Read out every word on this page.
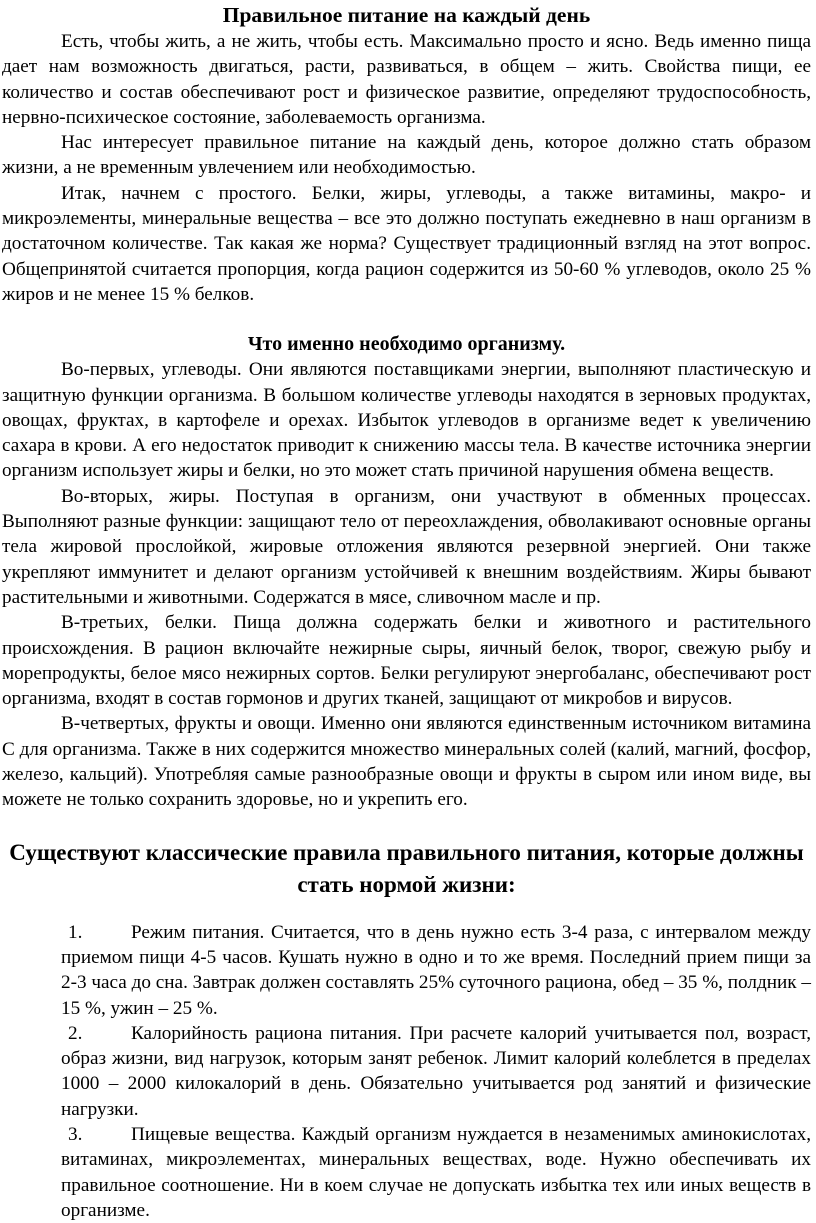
Правильное питание на каждый день

Есть, чтобы жить, а не жить, чтобы есть. Максимально просто и ясно. Ведь именно пища дает нам возможность двигаться, расти, развиваться, в общем – жить. Свойства пищи, ее количество и состав обеспечивают рост и физическое развитие, определяют трудоспособность, нервно-психическое состояние, заболеваемость организма.

Нас интересует правильное питание на каждый день, которое должно стать образом жизни, а не временным увлечением или необходимостью.

Итак, начнем с простого. Белки, жиры, углеводы, а также витамины, макро- и микроэлементы, минеральные вещества – все это должно поступать ежедневно в наш организм в достаточном количестве. Так какая же норма? Существует традиционный взгляд на этот вопрос. Общепринятой считается пропорция, когда рацион содержится из 50-60 % углеводов, около 25 % жиров и не менее 15 % белков.

Что именно необходимо организму.

Во-первых, углеводы. Они являются поставщиками энергии, выполняют пластическую и защитную функции организма. В большом количестве углеводы находятся в зерновых продуктах, овощах, фруктах, в картофеле и орехах. Избыток углеводов в организме ведет к увеличению сахара в крови. А его недостаток приводит к снижению массы тела. В качестве источника энергии организм использует жиры и белки, но это может стать причиной нарушения обмена веществ.

Во-вторых, жиры. Поступая в организм, они участвуют в обменных процессах. Выполняют разные функции: защищают тело от переохлаждения, обволакивают основные органы тела жировой прослойкой, жировые отложения являются резервной энергией. Они также укрепляют иммунитет и делают организм устойчивей к внешним воздействиям. Жиры бывают растительными и животными. Содержатся в мясе, сливочном масле и пр.

В-третьих, белки. Пища должна содержать белки и животного и растительного происхождения. В рацион включайте нежирные сыры, яичный белок, творог, свежую рыбу и морепродукты, белое мясо нежирных сортов. Белки регулируют энергобаланс, обеспечивают рост организма, входят в состав гормонов и других тканей, защищают от микробов и вирусов.

В-четвертых, фрукты и овощи. Именно они являются единственным источником витамина С для организма. Также в них содержится множество минеральных солей (калий, магний, фосфор, железо, кальций). Употребляя самые разнообразные овощи и фрукты в сыром или ином виде, вы можете не только сохранить здоровье, но и укрепить его.

Существуют классические правила правильного питания, которые должны стать нормой жизни:
1.	Режим питания. Считается, что в день нужно есть 3-4 раза, с интервалом между приемом пищи 4-5 часов. Кушать нужно в одно и то же время. Последний прием пищи за 2-3 часа до сна. Завтрак должен составлять 25% суточного рациона, обед – 35 %, полдник – 15 %, ужин – 25 %.
2.	Калорийность рациона питания. При расчете калорий учитывается пол, возраст, образ жизни, вид нагрузок, которым занят ребенок. Лимит калорий колеблется в пределах 1000 – 2000 килокалорий в день. Обязательно учитывается род занятий и физические нагрузки.
3.	Пищевые вещества. Каждый организм нуждается в незаменимых аминокислотах, витаминах, микроэлементах, минеральных веществах, воде. Нужно обеспечивать их правильное соотношение. Ни в коем случае не допускать избытка тех или иных веществ в организме.
